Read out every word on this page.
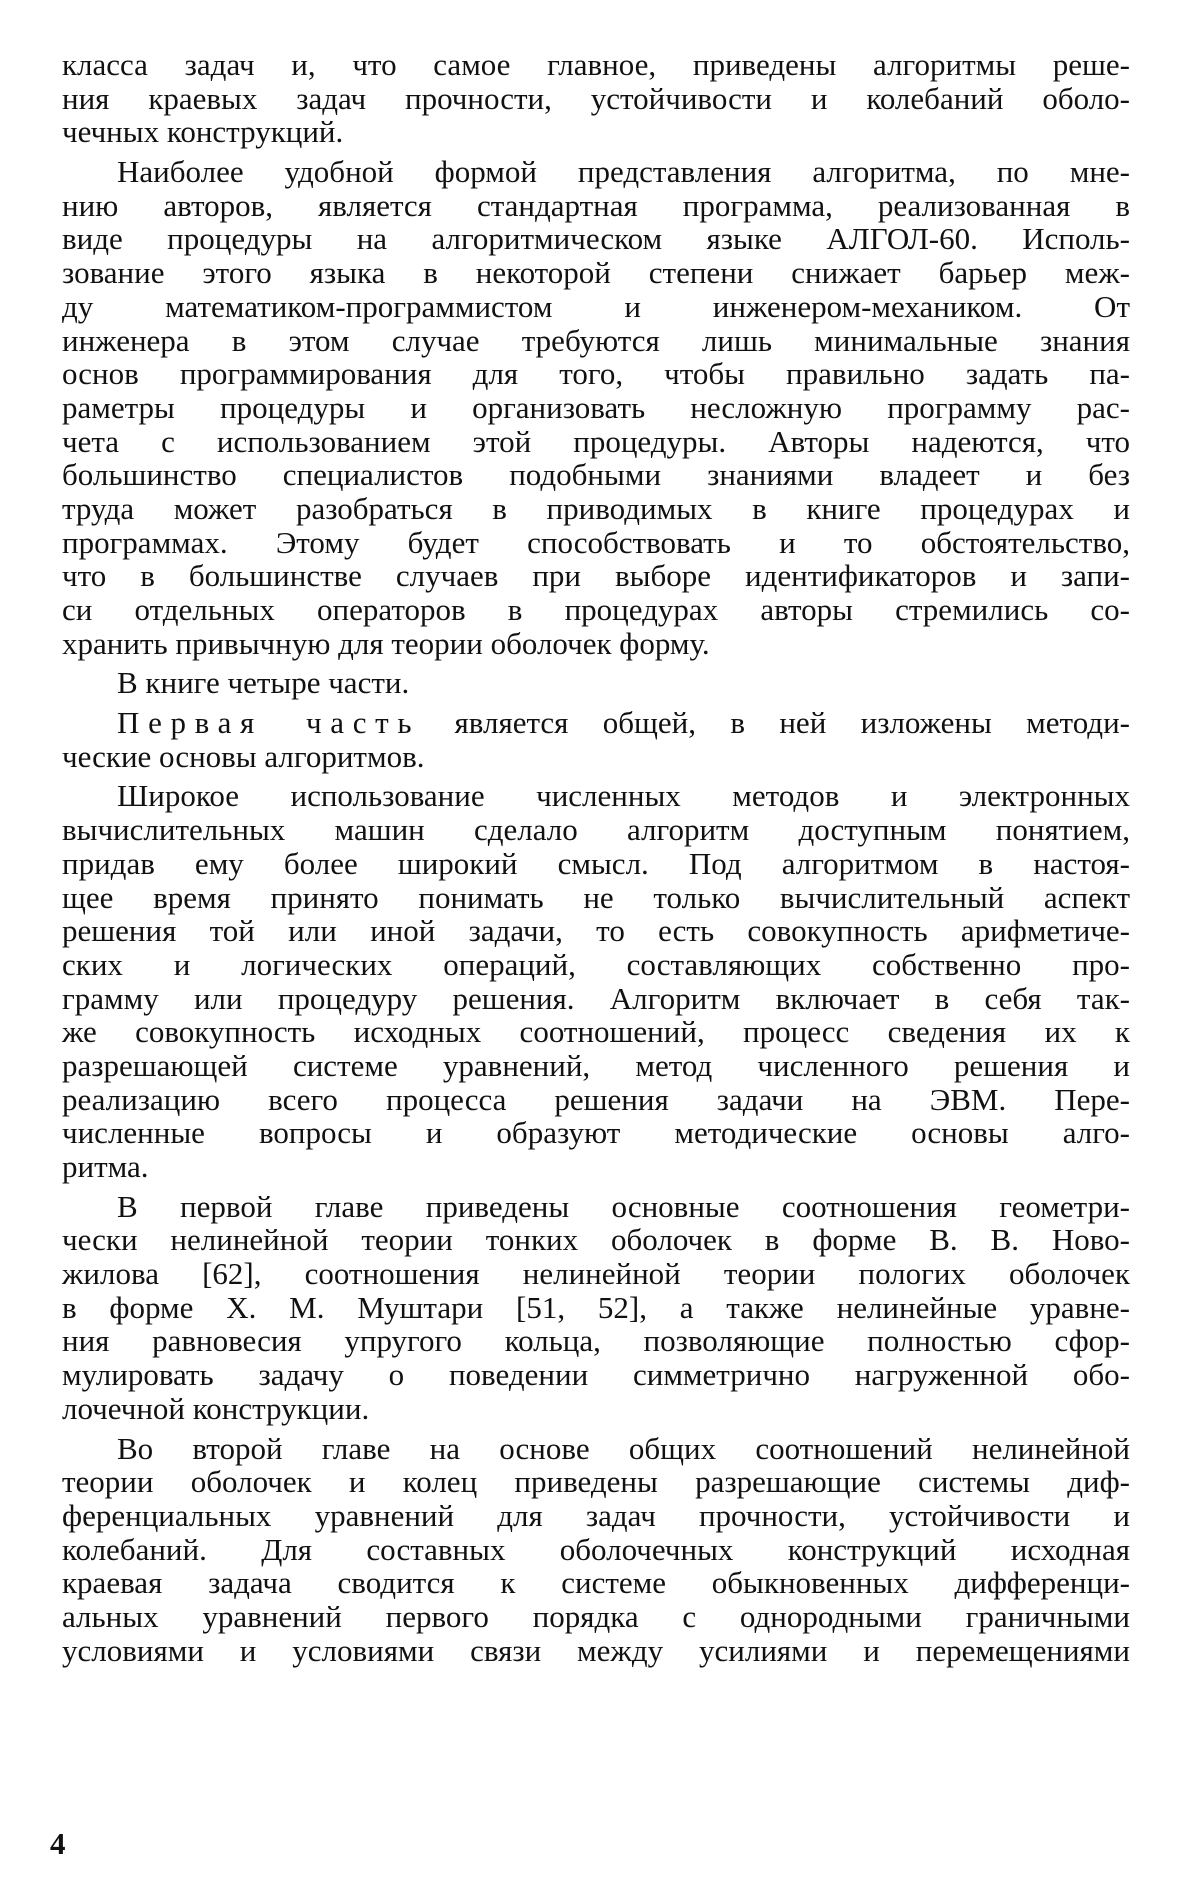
класса задач и, что самое главное, приведены алгоритмы реше-
ния краевых задач прочности, устойчивости и колебаний оболо-
чечных конструкций.
Наиболее удобной формой представления алгоритма, по мне-
нию авторов, является стандартная программа, реализованная в
виде процедуры на алгоритмическом языке АЛГОЛ-60. Исполь-
зование этого языка в некоторой степени снижает барьер меж-
ду математиком-программистом и инженером-механиком. От
инженера в этом случае требуются лишь минимальные знания
основ программирования для того, чтобы правильно задать па-
раметры процедуры и организовать несложную программу рас-
чета с использованием этой процедуры. Авторы надеются, что
большинство специалистов подобными знаниями владеет и без
труда может разобраться в приводимых в книге процедурах и
программах. Этому будет способствовать и то обстоятельство,
что в большинстве случаев при выборе идентификаторов и запи-
си отдельных операторов в процедурах авторы стремились со-
хранить привычную для теории оболочек форму.
В книге четыре части.
Первая часть является общей, в ней изложены методи-
ческие основы алгоритмов.
Широкое использование численных методов и электронных
вычислительных машин сделало алгоритм доступным понятием,
придав ему более широкий смысл. Под алгоритмом в настоя-
щее время принято понимать не только вычислительный аспект
решения той или иной задачи, то есть совокупность арифметиче-
ских и логических операций, составляющих собственно про-
грамму или процедуру решения. Алгоритм включает в себя так-
же совокупность исходных соотношений, процесс сведения их к
разрешающей системе уравнений, метод численного решения и
реализацию всего процесса решения задачи на ЭВМ. Пере-
численные вопросы и образуют методические основы алго-
ритма.
В первой главе приведены основные соотношения геометри-
чески нелинейной теории тонких оболочек в форме В. В. Ново-
жилова [62], соотношения нелинейной теории пологих оболочек
в форме Х. М. Муштари [51, 52], а также нелинейные уравне-
ния равновесия упругого кольца, позволяющие полностью сфор-
мулировать задачу о поведении симметрично нагруженной обо-
лочечной конструкции.
Во второй главе на основе общих соотношений нелинейной
теории оболочек и колец приведены разрешающие системы диф-
ференциальных уравнений для задач прочности, устойчивости и
колебаний. Для составных оболочечных конструкций исходная
краевая задача сводится к системе обыкновенных дифференци-
альных уравнений первого порядка с однородными граничными
условиями и условиями связи между усилиями и перемещениями
4
